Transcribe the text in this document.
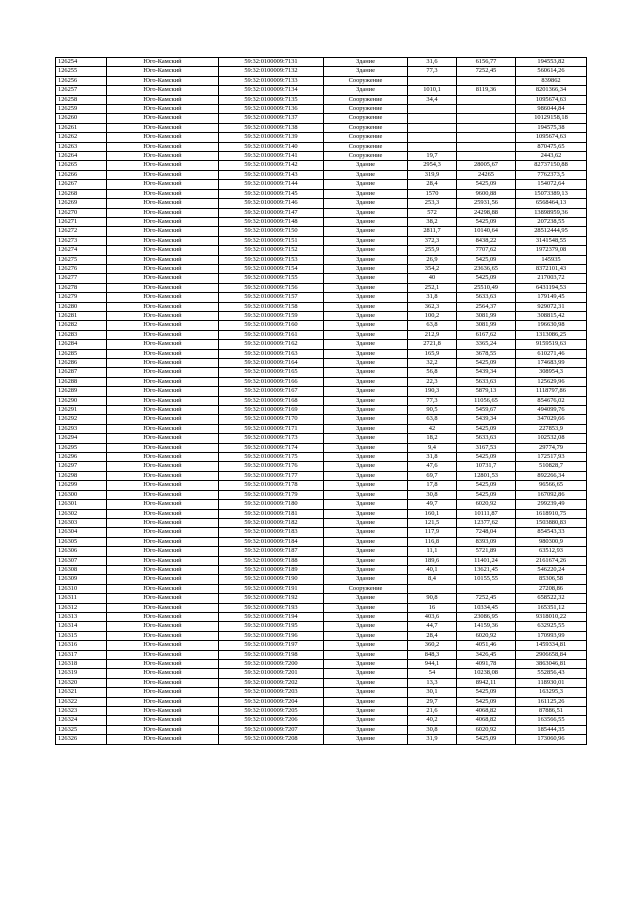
126254	Юго-Камский	59:32:0100009:7131	Здание	31,6	6156,77	194553,82
126255	Юго-Камский	59:32:0100009:7132	Здание	77,3	7252,45	560614,26
126256	Юго-Камский	59:32:0100009:7133	Сооружение			839862
126257	Юго-Камский	59:32:0100009:7134	Здание	1010,1	8119,36	8201366,34
126258	Юго-Камский	59:32:0100009:7135	Сооружение	34,4		1095674,63
126259	Юго-Камский	59:32:0100009:7136	Сооружение			986044,84
126260	Юго-Камский	59:32:0100009:7137	Сооружение			10129158,18
126261	Юго-Камский	59:32:0100009:7138	Сооружение			194575,38
126262	Юго-Камский	59:32:0100009:7139	Сооружение			1095674,63
126263	Юго-Камский	59:32:0100009:7140	Сооружение			870475,65
126264	Юго-Камский	59:32:0100009:7141	Сооружение	19,7		2443,62
126265	Юго-Камский	59:32:0100009:7142	Здание	2954,3	28005,67	82737150,88
126266	Юго-Камский	59:32:0100009:7143	Здание	319,9	24265	7762373,5
126267	Юго-Камский	59:32:0100009:7144	Здание	28,4	5425,09	154072,64
126268	Юго-Камский	59:32:0100009:7145	Здание	1570	9600,88	15073389,13
126269	Юго-Камский	59:32:0100009:7146	Здание	253,3	25931,56	6568464,13
126270	Юго-Камский	59:32:0100009:7147	Здание	572	24298,88	13898959,36
126271	Юго-Камский	59:32:0100009:7148	Здание	38,2	5425,09	207238,55
126272	Юго-Камский	59:32:0100009:7150	Здание	2811,7	10140,64	28512444,95
126273	Юго-Камский	59:32:0100009:7151	Здание	372,3	8438,22	3141548,55
126274	Юго-Камский	59:32:0100009:7152	Здание	255,9	7707,62	1972379,08
126275	Юго-Камский	59:32:0100009:7153	Здание	26,9	5425,09	145935
126276	Юго-Камский	59:32:0100009:7154	Здание	354,2	23636,65	8372101,43
126277	Юго-Камский	59:32:0100009:7155	Здание	40	5425,09	217003,72
126278	Юго-Камский	59:32:0100009:7156	Здание	252,1	25510,49	6431194,53
126279	Юго-Камский	59:32:0100009:7157	Здание	31,8	5633,63	179149,45
126280	Юго-Камский	59:32:0100009:7158	Здание	362,3	2564,37	929072,31
126281	Юго-Камский	59:32:0100009:7159	Здание	100,2	3081,99	308815,42
126282	Юго-Камский	59:32:0100009:7160	Здание	63,8	3081,99	196630,98
126283	Юго-Камский	59:32:0100009:7161	Здание	212,9	6167,62	1313086,25
126284	Юго-Камский	59:32:0100009:7162	Здание	2721,8	3365,24	9159519,63
126285	Юго-Камский	59:32:0100009:7163	Здание	165,9	3678,55	610271,46
126286	Юго-Камский	59:32:0100009:7164	Здание	32,2	5425,09	174683,99
126287	Юго-Камский	59:32:0100009:7165	Здание	56,8	5439,34	308954,3
126288	Юго-Камский	59:32:0100009:7166	Здание	22,3	5633,63	125629,96
126289	Юго-Камский	59:32:0100009:7167	Здание	190,3	5879,13	1118797,86
126290	Юго-Камский	59:32:0100009:7168	Здание	77,3	11056,65	854676,02
126291	Юго-Камский	59:32:0100009:7169	Здание	90,5	5459,67	494099,76
126292	Юго-Камский	59:32:0100009:7170	Здание	63,8	5439,34	347029,66
126293	Юго-Камский	59:32:0100009:7171	Здание	42	5425,09	227853,9
126294	Юго-Камский	59:32:0100009:7173	Здание	18,2	5633,63	102532,08
126295	Юго-Камский	59:32:0100009:7174	Здание	9,4	3167,53	29774,79
126296	Юго-Камский	59:32:0100009:7175	Здание	31,8	5425,09	172517,93
126297	Юго-Камский	59:32:0100009:7176	Здание	47,6	10731,7	510828,7
126298	Юго-Камский	59:32:0100009:7177	Здание	69,7	12801,53	892266,34
126299	Юго-Камский	59:32:0100009:7178	Здание	17,8	5425,09	96566,65
126300	Юго-Камский	59:32:0100009:7179	Здание	30,8	5425,09	167092,86
126301	Юго-Камский	59:32:0100009:7180	Здание	49,7	6020,92	299239,49
126302	Юго-Камский	59:32:0100009:7181	Здание	160,1	10111,87	1618910,75
126303	Юго-Камский	59:32:0100009:7182	Здание	121,5	12377,62	1503880,83
126304	Юго-Камский	59:32:0100009:7183	Здание	117,9	7248,04	854543,33
126305	Юго-Камский	59:32:0100009:7184	Здание	116,8	8393,09	980300,9
126306	Юго-Камский	59:32:0100009:7187	Здание	11,1	5721,89	63512,93
126307	Юго-Камский	59:32:0100009:7188	Здание	189,6	11401,24	2161674,26
126308	Юго-Камский	59:32:0100009:7189	Здание	40,1	13621,45	546220,24
126309	Юго-Камский	59:32:0100009:7190	Здание	8,4	10155,55	85306,58
126310	Юго-Камский	59:32:0100009:7191	Сооружение			27208,86
126311	Юго-Камский	59:32:0100009:7192	Здание	90,8	7252,45	658522,32
126312	Юго-Камский	59:32:0100009:7193	Здание	16	10334,45	165351,12
126313	Юго-Камский	59:32:0100009:7194	Здание	403,6	23086,95	9318010,22
126314	Юго-Камский	59:32:0100009:7195	Здание	44,7	14159,36	632925,55
126315	Юго-Камский	59:32:0100009:7196	Здание	28,4	6020,92	170993,99
126316	Юго-Камский	59:32:0100009:7197	Здание	360,2	4051,46	1459334,81
126317	Юго-Камский	59:32:0100009:7198	Здание	848,3	3426,45	2906658,84
126318	Юго-Камский	59:32:0100009:7200	Здание	944,1	4091,78	3863046,81
126319	Юго-Камский	59:32:0100009:7201	Здание	54	10238,08	552856,43
126320	Юго-Камский	59:32:0100009:7202	Здание	13,3	8942,11	118930,01
126321	Юго-Камский	59:32:0100009:7203	Здание	30,1	5425,09	163295,3
126322	Юго-Камский	59:32:0100009:7204	Здание	29,7	5425,09	161125,26
126323	Юго-Камский	59:32:0100009:7205	Здание	21,6	4068,82	87886,51
126324	Юго-Камский	59:32:0100009:7206	Здание	40,2	4068,82	163566,55
126325	Юго-Камский	59:32:0100009:7207	Здание	30,8	6020,92	185444,35
126326	Юго-Камский	59:32:0100009:7208	Здание	31,9	5425,09	173060,96
